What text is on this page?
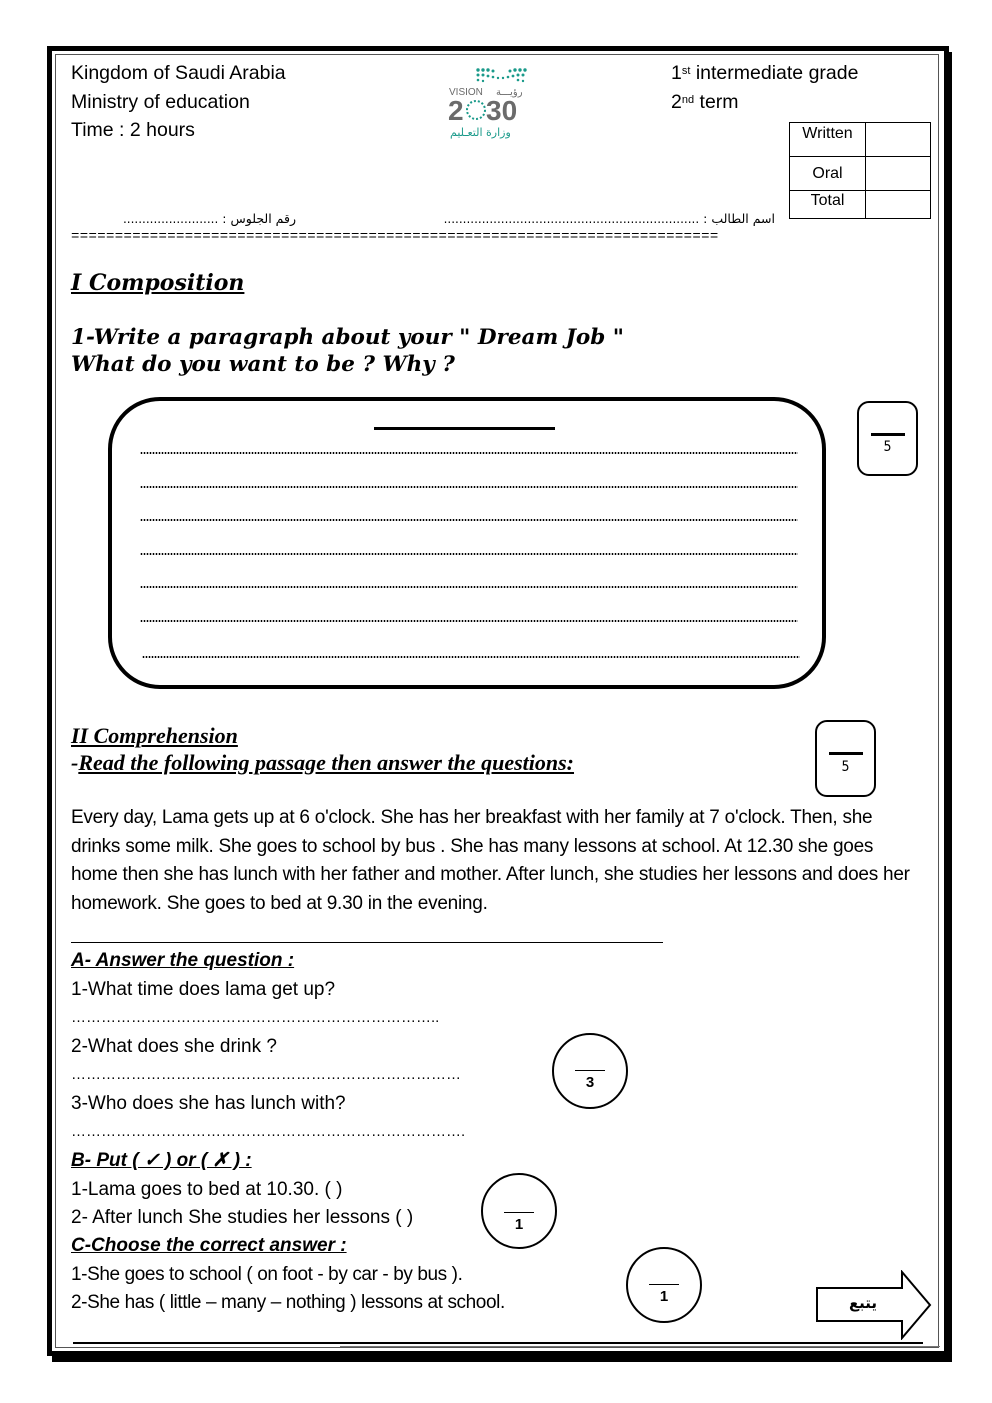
Kingdom of Saudi Arabia
Ministry of education
Time : 2 hours
VISION رؤيـــة
2 30
وزارة التعـليم
1st intermediate grade
2nd term
Written	
Oral	
Total	
اسم الطالب : ...................................................................
رقم الجلوس : .........................
==========================================================================
I Composition
1-Write a paragraph about your " Dream Job "
What do you want to be ? Why ?
5
II Comprehension
-Read the following passage then answer the questions:	5
Every day, Lama gets up at 6 o'clock. She has her breakfast with her family at 7 o'clock. Then, she drinks some milk. She goes to school by bus . She has many lessons at school. At 12.30 she goes home then she has lunch with her father and mother. After lunch, she studies her lessons and does her homework. She goes to bed at 9.30 in the evening.
A- Answer the question :
1-What time does lama get up?
………………………………………………………………..
2-What does she drink ?
……………………………………………………………………
3-Who does she has lunch with?
…………………………………………………………………….
3
B- Put ( ✓ ) or ( ✗ ) :
1-Lama goes to bed at 10.30. ( )
2- After lunch She studies her lessons ( )	1
C-Choose the correct answer :
1-She goes to school ( on foot - by car - by bus ).
2-She has ( little – many – nothing ) lessons at school.	1	يتبع
